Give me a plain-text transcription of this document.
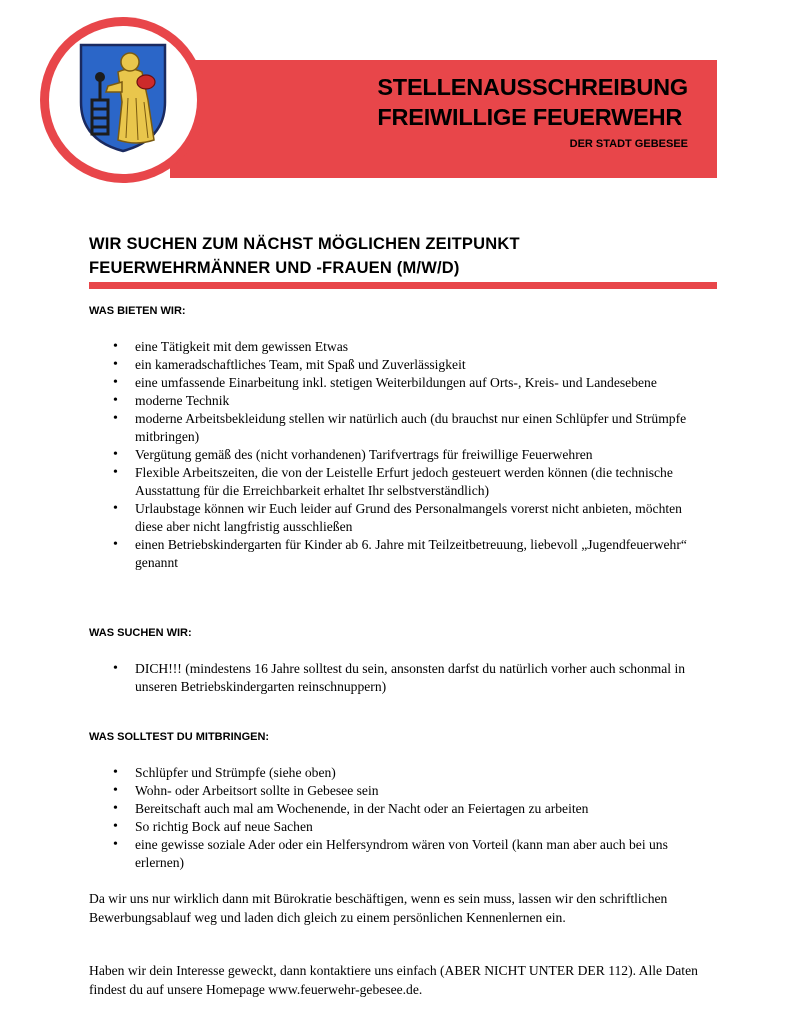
STELLENAUSSCHREIBUNG
FREIWILLIGE FEUERWEHR
DER STADT GEBESEE
WIR SUCHEN ZUM NÄCHST MÖGLICHEN ZEITPUNKT
FEUERWEHRMÄNNER UND -FRAUEN (M/W/D)
WAS BIETEN WIR:
• eine Tätigkeit mit dem gewissen Etwas
• ein kameradschaftliches Team, mit Spaß und Zuverlässigkeit
• eine umfassende Einarbeitung inkl. stetigen Weiterbildungen auf Orts-, Kreis- und Landesebene
• moderne Technik
• moderne Arbeitsbekleidung stellen wir natürlich auch (du brauchst nur einen Schlüpfer und Strümpfe mitbringen)
• Vergütung gemäß des (nicht vorhandenen) Tarifvertrags für freiwillige Feuerwehren
• Flexible Arbeitszeiten, die von der Leistelle Erfurt jedoch gesteuert werden können (die technische Ausstattung für die Erreichbarkeit erhaltet Ihr selbstverständlich)
• Urlaubstage können wir Euch leider auf Grund des Personalmangels vorerst nicht anbieten, möchten diese aber nicht langfristig ausschließen
• einen Betriebskindergarten für Kinder ab 6. Jahre mit Teilzeitbetreuung, liebevoll „Jugendfeuerwehr“ genannt
WAS SUCHEN WIR:
• DICH!!! (mindestens 16 Jahre solltest du sein, ansonsten darfst du natürlich vorher auch schonmal in unseren Betriebskindergarten reinschnuppern)
WAS SOLLTEST DU MITBRINGEN:
• Schlüpfer und Strümpfe (siehe oben)
• Wohn- oder Arbeitsort sollte in Gebesee sein
• Bereitschaft auch mal am Wochenende, in der Nacht oder an Feiertagen zu arbeiten
• So richtig Bock auf neue Sachen
• eine gewisse soziale Ader oder ein Helfersyndrom wären von Vorteil (kann man aber auch bei uns erlernen)
Da wir uns nur wirklich dann mit Bürokratie beschäftigen, wenn es sein muss, lassen wir den schriftlichen Bewerbungsablauf weg und laden dich gleich zu einem persönlichen Kennenlernen ein.
Haben wir dein Interesse geweckt, dann kontaktiere uns einfach (ABER NICHT UNTER DER 112). Alle Daten findest du auf unsere Homepage www.feuerwehr-gebesee.de.
